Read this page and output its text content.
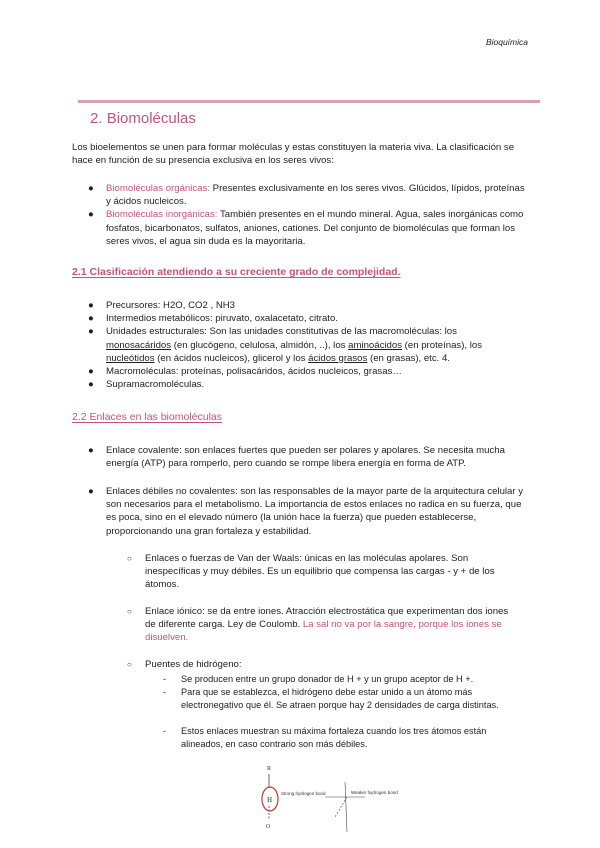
Bioquímica
2. Biomoléculas
Los bioelementos se unen para formar moléculas y estas constituyen la materia viva. La clasificación se hace en función de su presencia exclusiva en los seres vivos:
● Biomoléculas orgánicas: Presentes exclusivamente en los seres vivos. Glúcidos, lípidos, proteínas y ácidos nucleicos.
● Biomoléculas inorgánicas: También presentes en el mundo mineral. Agua, sales inorgánicas como fosfatos, bicarbonatos, sulfatos, aniones, cationes. Del conjunto de biomoléculas que forman los seres vivos, el agua sin duda es la mayoritaria.
2.1 Clasificación atendiendo a su creciente grado de complejidad.
● Precursores: H2O, CO2 , NH3
● Intermedios metabólicos: piruvato, oxalacetato, citrato.
● Unidades estructurales: Son las unidades constitutivas de las macromoléculas: los
monosacáridos (en glucógeno, celulosa, almidón, ..), los aminoácidos (en proteínas), los
nucleótidos (en ácidos nucleicos), glicerol y los ácidos grasos (en grasas), etc. 4.
● Macromoléculas: proteínas, polisacáridos, ácidos nucleicos, grasas…
● Supramacromoléculas.
2.2 Enlaces en las biomoléculas
● Enlace covalente: son enlaces fuertes que pueden ser polares y apolares. Se necesita mucha energía (ATP) para romperlo, pero cuando se rompe libera energía en forma de ATP.
● Enlaces débiles no covalentes: son las responsables de la mayor parte de la arquitectura celular y son necesarios para el metabolismo. La importancia de estos enlaces no radica en su fuerza, que es poca, sino en el elevado número (la unión hace la fuerza) que pueden establecerse, proporcionando una gran fortaleza y estabilidad.
○ Enlaces o fuerzas de Van der Waals: únicas en las moléculas apolares. Son inespecíficas y muy débiles. Es un equilibrio que compensa las cargas - y + de los átomos.
○ Enlace iónico: se da entre iones. Atracción electrostática que experimentan dos iones de diferente carga. Ley de Coulomb. La sal no va por la sangre, porque los iones se disuelven.
○ Puentes de hidrógeno:
- Se producen entre un grupo donador de H + y un grupo aceptor de H +.
- Para que se establezca, el hidrógeno debe estar unido a un átomo más electronegativo que él. Se atraen porque hay 2 densidades de carga distintas.
- Estos enlaces muestran su máxima fortaleza cuando los tres átomos están alineados, en caso contrario son más débiles.
R
H
O
Strong hydrogen bond	Weaker hydrogen bond
